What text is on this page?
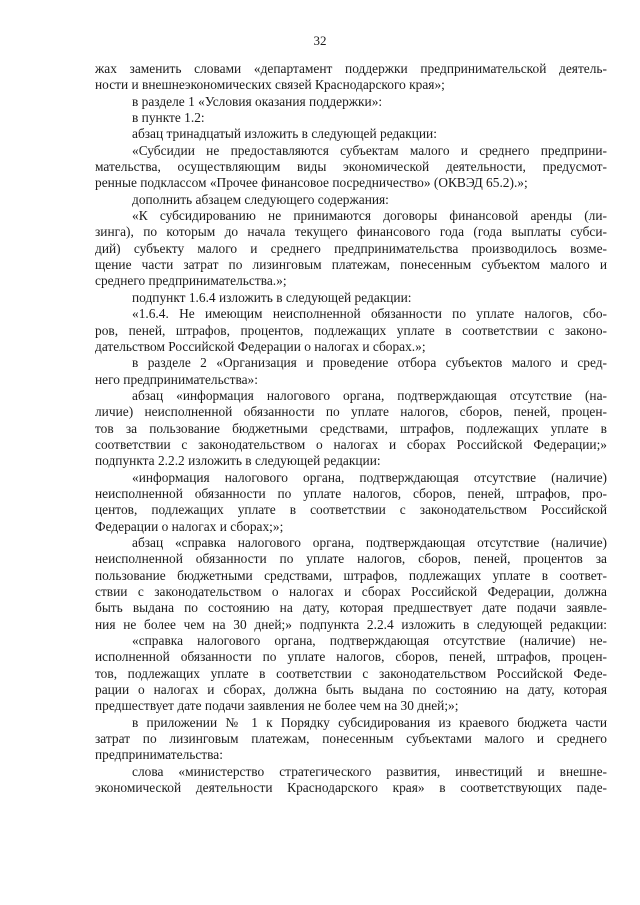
32

жах заменить словами «департамент поддержки предпринимательской деятель-

ности и внешнеэкономических связей Краснодарского края»;

в разделе 1 «Условия оказания поддержки»:

в пункте 1.2:

абзац тринадцатый изложить в следующей редакции:

«Субсидии не предоставляются субъектам малого и среднего предприни-

мательства, осуществляющим виды экономической деятельности, предусмот-

ренные подклассом «Прочее финансовое посредничество» (ОКВЭД 65.2).»;

дополнить абзацем следующего содержания:

«К субсидированию не принимаются договоры финансовой аренды (ли-

зинга), по которым до начала текущего финансового года (года выплаты субси-

дий) субъекту малого и среднего предпринимательства производилось возме-

щение части затрат по лизинговым платежам, понесенным субъектом малого и

среднего предпринимательства.»;

подпункт 1.6.4 изложить в следующей редакции:

«1.6.4. Не имеющим неисполненной обязанности по уплате налогов, сбо-

ров, пеней, штрафов, процентов, подлежащих уплате в соответствии с законо-

дательством Российской Федерации о налогах и сборах.»;

в разделе 2 «Организация и проведение отбора субъектов малого и сред-

него предпринимательства»:

абзац «информация налогового органа, подтверждающая отсутствие (на-

личие) неисполненной обязанности по уплате налогов, сборов, пеней, процен-

тов за пользование бюджетными средствами, штрафов, подлежащих уплате в

соответствии с законодательством о налогах и сборах Российской Федерации;»

подпункта 2.2.2 изложить в следующей редакции:

«информация налогового органа, подтверждающая отсутствие (наличие)

неисполненной обязанности по уплате налогов, сборов, пеней, штрафов, про-

центов, подлежащих уплате в соответствии с законодательством Российской

Федерации о налогах и сборах;»;

абзац «справка налогового органа, подтверждающая отсутствие (наличие)

неисполненной обязанности по уплате налогов, сборов, пеней, процентов за

пользование бюджетными средствами, штрафов, подлежащих уплате в соответ-

ствии с законодательством о налогах и сборах Российской Федерации, должна

быть выдана по состоянию на дату, которая предшествует дате подачи заявле-

ния не более чем на 30 дней;» подпункта 2.2.4 изложить в следующей редакции:

«справка налогового органа, подтверждающая отсутствие (наличие) не-

исполненной обязанности по уплате налогов, сборов, пеней, штрафов, процен-

тов, подлежащих уплате в соответствии с законодательством Российской Феде-

рации о налогах и сборах, должна быть выдана по состоянию на дату, которая

предшествует дате подачи заявления не более чем на 30 дней;»;

в приложении № 1 к Порядку субсидирования из краевого бюджета части

затрат по лизинговым платежам, понесенным субъектами малого и среднего

предпринимательства:

слова «министерство стратегического развития, инвестиций и внешне-

экономической деятельности Краснодарского края» в соответствующих паде-
